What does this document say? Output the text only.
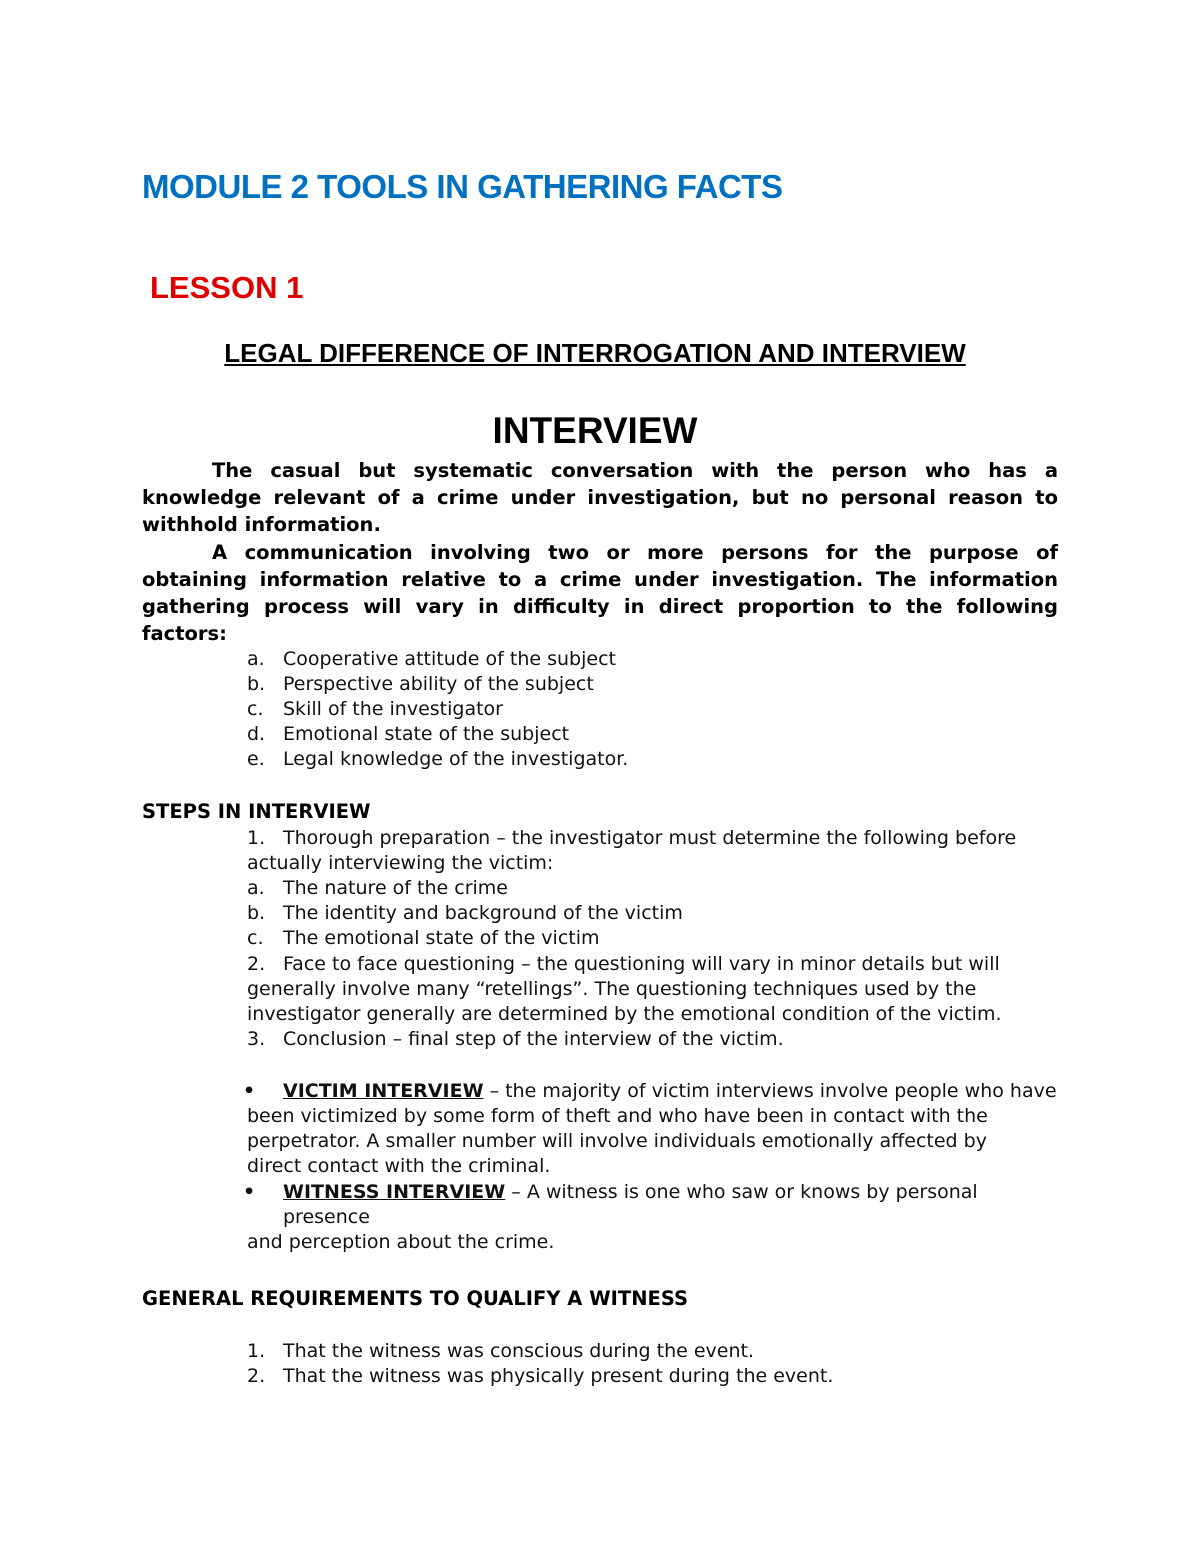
MODULE 2 TOOLS IN GATHERING FACTS
LESSON 1
LEGAL DIFFERENCE OF INTERROGATION AND INTERVIEW
INTERVIEW

The casual but systematic conversation with the person who has a knowledge relevant of a crime under investigation, but no personal reason to withhold information.

A communication involving two or more persons for the purpose of obtaining information relative to a crime under investigation. The information gathering process will vary in difficulty in direct proportion to the following factors:

a. Cooperative attitude of the subject
b. Perspective ability of the subject
c. Skill of the investigator
d. Emotional state of the subject
e. Legal knowledge of the investigator.
STEPS IN INTERVIEW
1. Thorough preparation – the investigator must determine the following before
actually interviewing the victim:
a. The nature of the crime
b. The identity and background of the victim
c. The emotional state of the victim
2. Face to face questioning – the questioning will vary in minor details but will
generally involve many “retellings”. The questioning techniques used by the
investigator generally are determined by the emotional condition of the victim.
3. Conclusion – final step of the interview of the victim.
•	VICTIM INTERVIEW – the majority of victim interviews involve people who have
been victimized by some form of theft and who have been in contact with the
perpetrator. A smaller number will involve individuals emotionally affected by
direct contact with the criminal.
•	WITNESS INTERVIEW – A witness is one who saw or knows by personal presence
and perception about the crime.
GENERAL REQUIREMENTS TO QUALIFY A WITNESS
1. That the witness was conscious during the event.
2. That the witness was physically present during the event.
